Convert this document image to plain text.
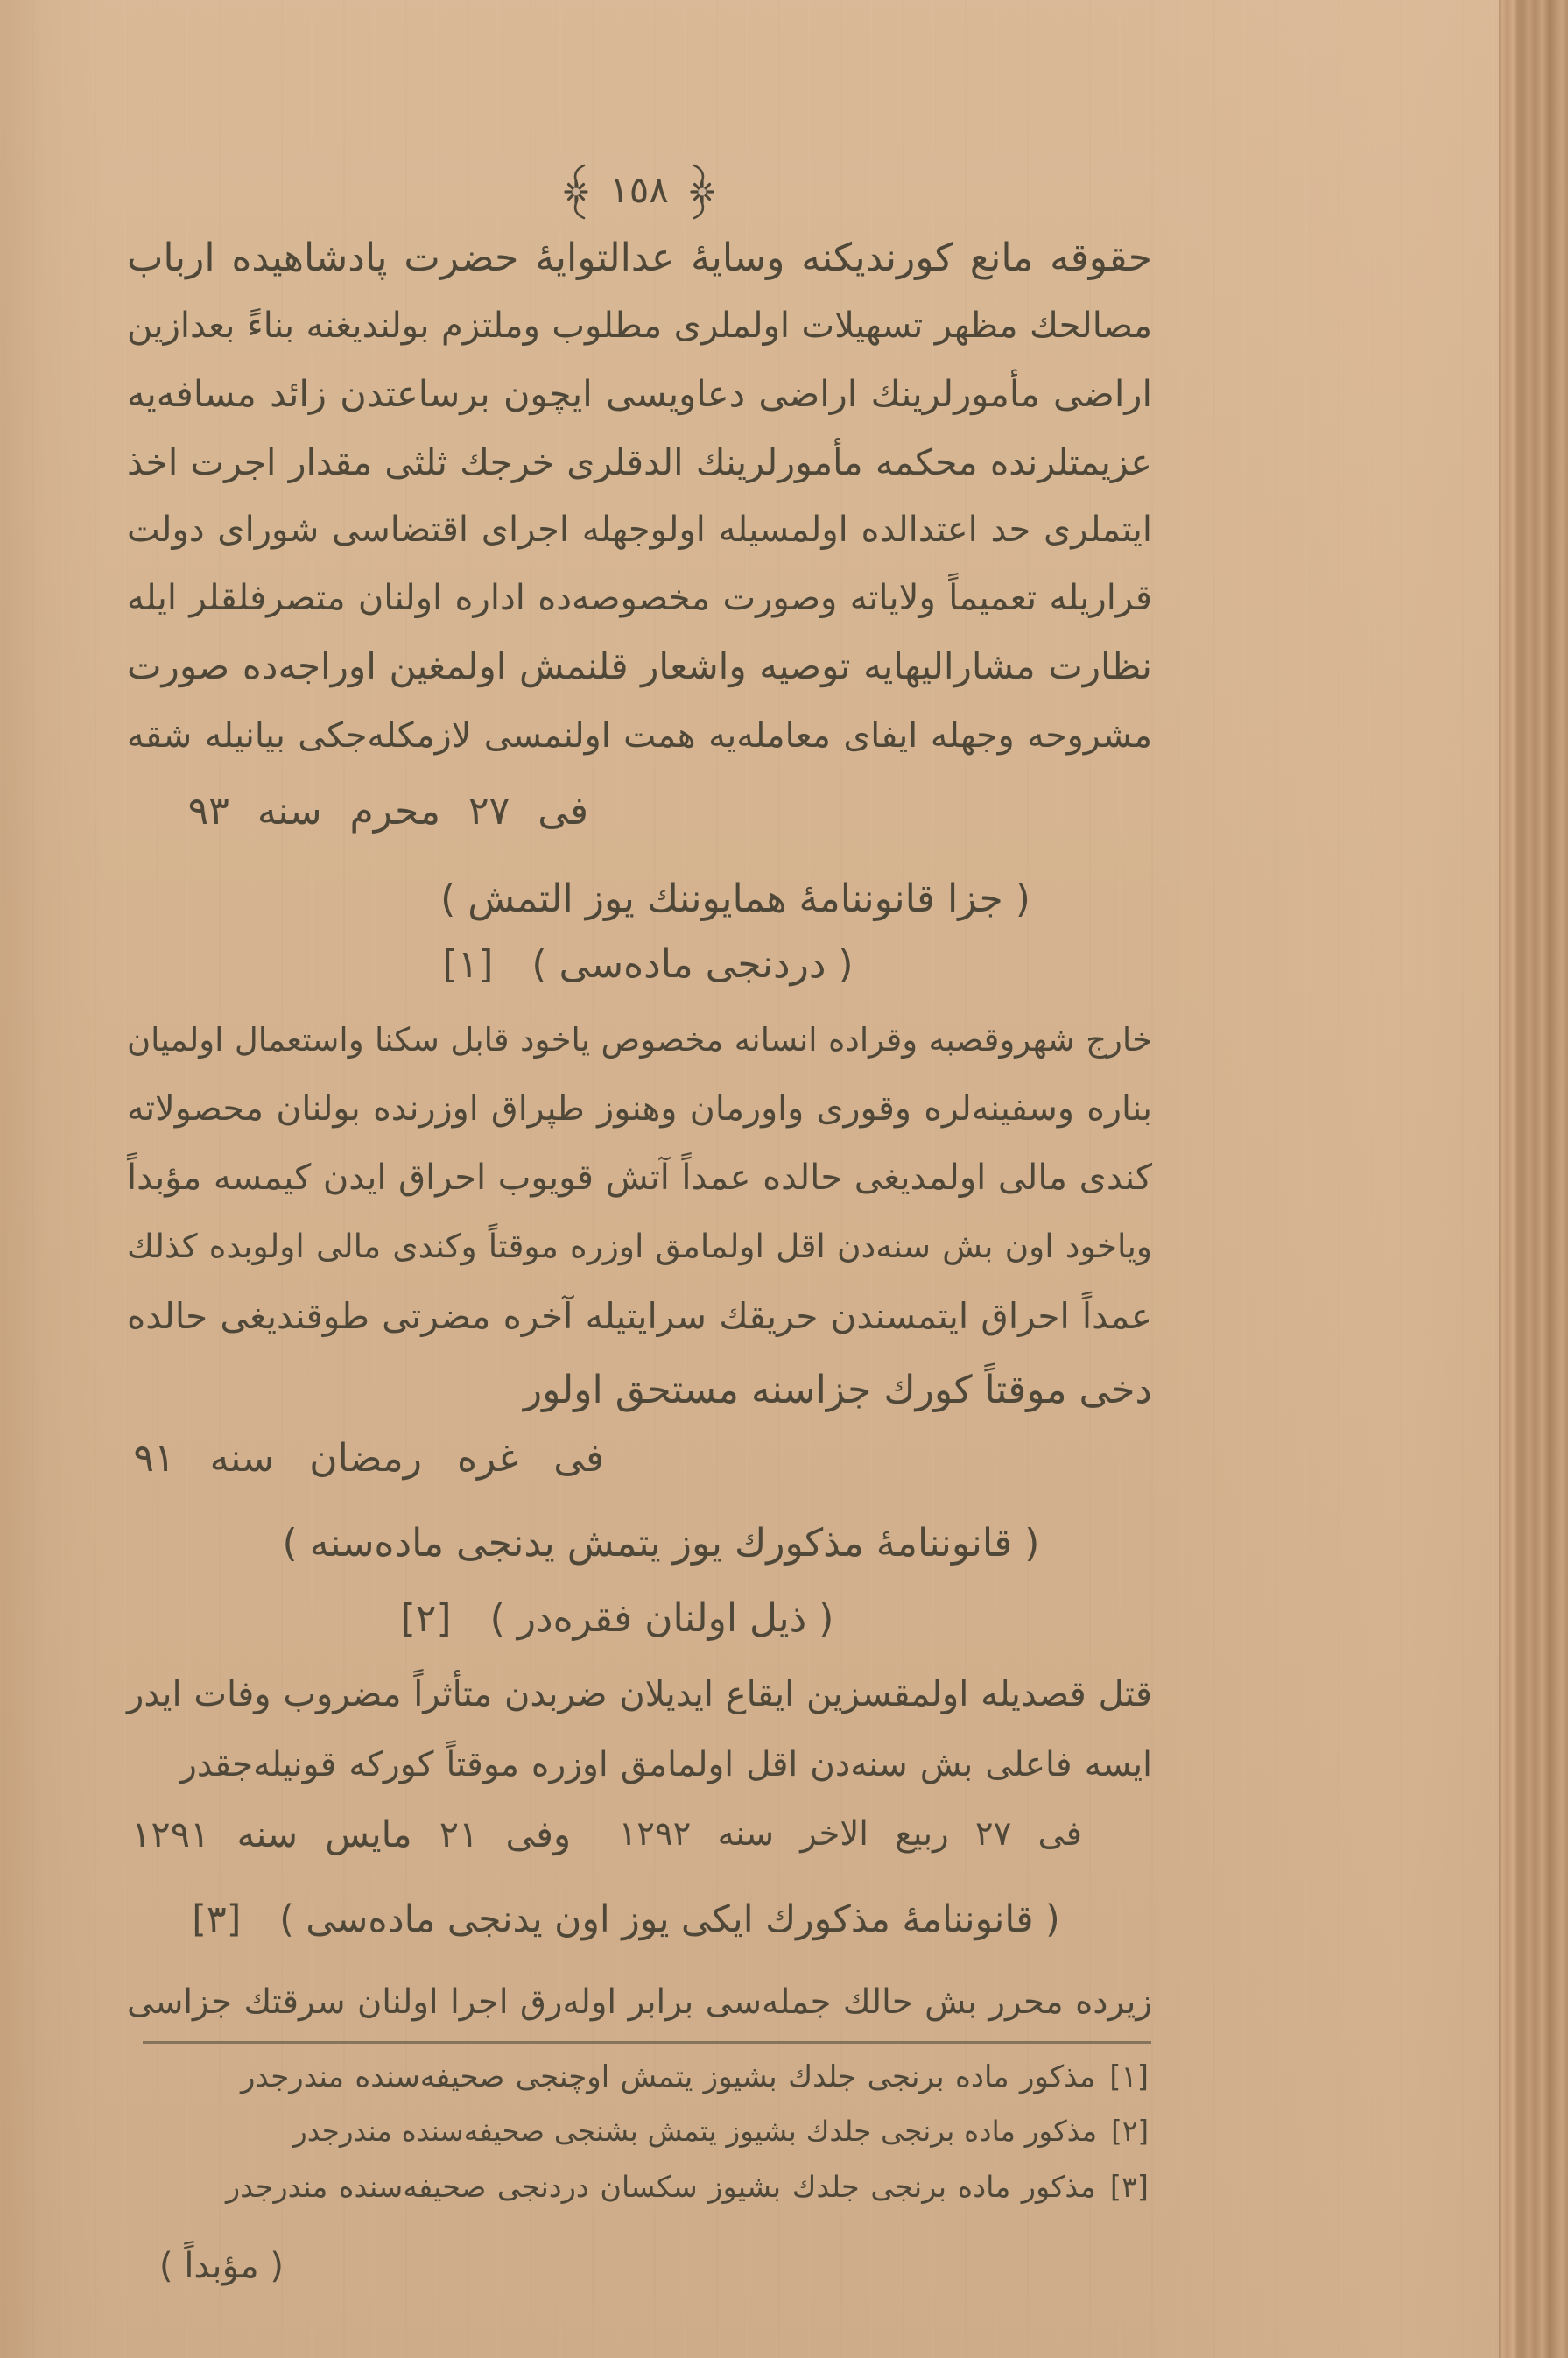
١٥٨
حقوقه مانع کورندیکنه وسایۀ عدالتوایۀ حضرت پادشاهیده ارباب
مصالحك مظهر تسهیلات اولملری مطلوب وملتزم بولندیغنه بناءً بعدازین
اراضی مأمورلرینك اراضی دعاویسی ایچون برساعتدن زائد مسافه‌یه
عزیمتلرنده محکمه مأمورلرینك الدقلری خرجك ثلثی مقدار اجرت اخذ
ایتملری حد اعتدالده اولمسیله اولوجهله اجرای اقتضاسی شورای دولت
قراریله تعمیماً ولایاته وصورت مخصوصه‌ده اداره اولنان متصرفلقلر ایله
نظارت مشارالیهایه توصیه واشعار قلنمش اولمغین اوراجه‌ده صورت
مشروحه وجهله ایفای معامله‌یه همت اولنمسی لازمکله‌جکی بیانیله شقه
فی ٢٧ محرم سنه ٩٣
( جزا قانوننامۀ همایوننك یوز التمش )
( دردنجی ماده‌سی )[١]
خارج شهروقصبه وقراده انسانه مخصوص یاخود قابل سکنا واستعمال اولمیان
بناره وسفینه‌لره وقوری واورمان وهنوز طپراق اوزرنده بولنان محصولاته
کندی مالی اولمدیغی حالده عمداً آتش قویوب احراق ایدن کیمسه مؤبداً
ویاخود اون بش سنه‌دن اقل اولمامق اوزره موقتاً وکندی مالی اولوبده کذلك
عمداً احراق ایتمسندن حریقك سرایتیله آخره مضرتی طوقندیغی حالده
دخی موقتاً کورك جزاسنه مستحق اولور
فی غره رمضان سنه ٩١
( قانوننامۀ مذکورك یوز یتمش یدنجی ماده‌سنه )
( ذیل اولنان فقره‌در )[٢]
قتل قصدیله اولمقسزین ایقاع ایدیلان ضربدن متأثراً مضروب وفات ایدر
ایسه فاعلی بش سنه‌دن اقل اولمامق اوزره موقتاً کورکه قونیله‌جقدر
فی ٢٧ ربیع الاخر سنه ١٢٩٢
وفی ٢١ مایس سنه ١٢٩١
( قانوننامۀ مذکورك ایکی یوز اون یدنجی ماده‌سی )[٣]
زیرده محرر بش حالك جمله‌سی برابر اوله‌رق اجرا اولنان سرقتك جزاسی
[١]مذکور ماده برنجی جلدك بشیوز یتمش اوچنجی صحیفه‌سنده مندرجدر
[٢]مذکور ماده برنجی جلدك بشیوز یتمش بشنجی صحیفه‌سنده مندرجدر
[٣]مذکور ماده برنجی جلدك بشیوز سکسان دردنجی صحیفه‌سنده مندرجدر
( مؤبداً )
